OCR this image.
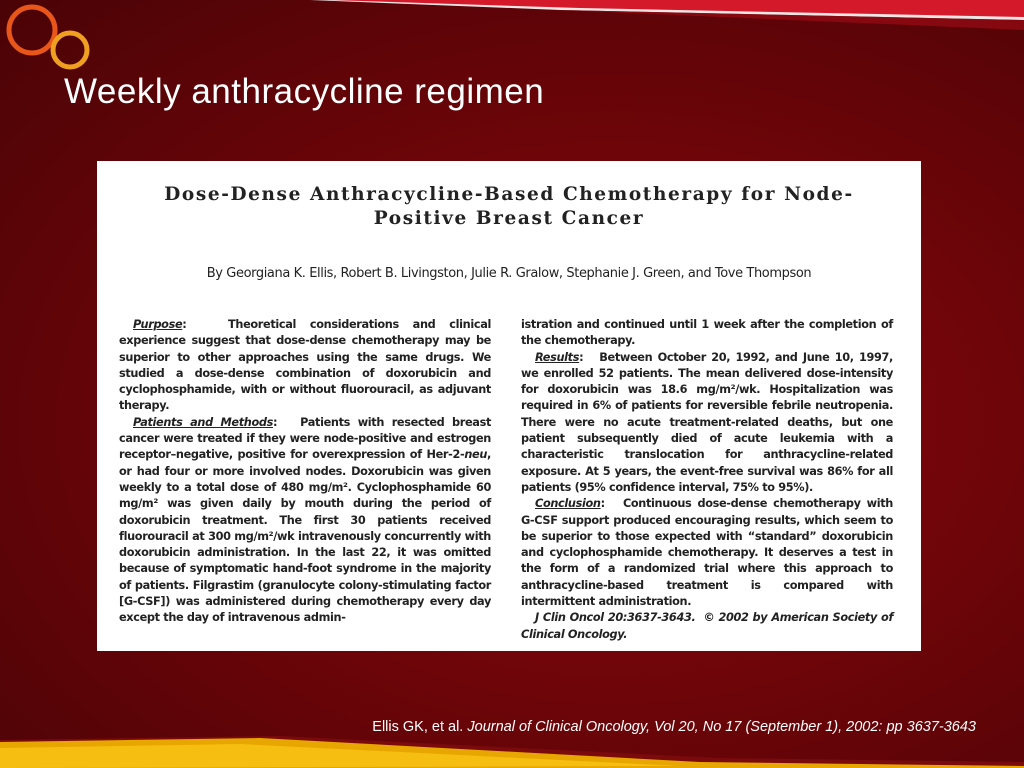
Weekly anthracycline regimen
Dose-Dense Anthracycline-Based Chemotherapy for Node-
Positive Breast Cancer
By Georgiana K. Ellis, Robert B. Livingston, Julie R. Gralow, Stephanie J. Green, and Tove Thompson

Purpose:   Theoretical considerations and clinical experience suggest that dose-dense chemotherapy may be superior to other approaches using the same drugs. We studied a dose-dense combination of doxorubicin and cyclophosphamide, with or without fluorouracil, as adjuvant therapy.

Patients and Methods:   Patients with resected breast cancer were treated if they were node-positive and estrogen receptor–negative, positive for overexpression of Her-2-neu, or had four or more involved nodes. Doxorubicin was given weekly to a total dose of 480 mg/m². Cyclophosphamide 60 mg/m² was given daily by mouth during the period of doxorubicin treatment. The first 30 patients received fluorouracil at 300 mg/m²/wk intravenously concurrently with doxorubicin administration. In the last 22, it was omitted because of symptomatic hand-foot syndrome in the majority of patients. Filgrastim (granulocyte colony-stimulating factor [G-CSF]) was administered during chemotherapy every day except the day of intravenous admin-

istration and continued until 1 week after the completion of the chemotherapy.

Results:   Between October 20, 1992, and June 10, 1997, we enrolled 52 patients. The mean delivered dose-intensity for doxorubicin was 18.6 mg/m²/wk. Hospitalization was required in 6% of patients for reversible febrile neutropenia. There were no acute treatment-related deaths, but one patient subsequently died of acute leukemia with a characteristic translocation for anthracycline-related exposure. At 5 years, the event-free survival was 86% for all patients (95% confidence interval, 75% to 95%).

Conclusion:   Continuous dose-dense chemotherapy with G-CSF support produced encouraging results, which seem to be superior to those expected with “standard” doxorubicin and cyclophosphamide chemotherapy. It deserves a test in the form of a randomized trial where this approach to anthracycline-based treatment is compared with intermittent administration.

J Clin Oncol 20:3637-3643. © 2002 by American Society of Clinical Oncology.

Ellis GK, et al. Journal of Clinical Oncology, Vol 20, No 17 (September 1), 2002: pp 3637-3643
